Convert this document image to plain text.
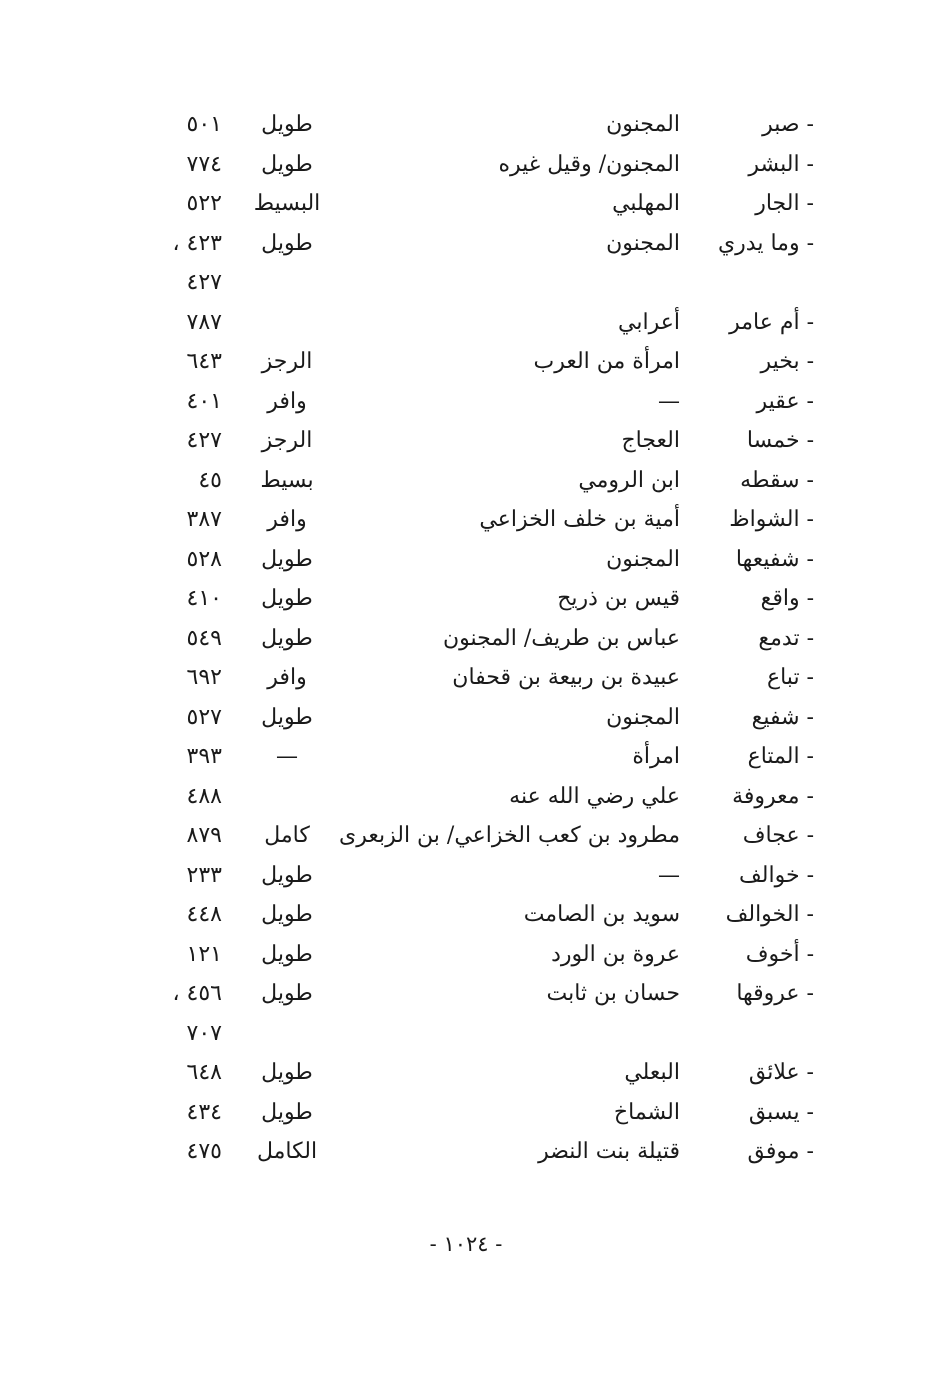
- صبر
المجنون
طويل
٥٠١
- البشر
المجنون/ وقيل غيره
طويل
٧٧٤
- الجار
المهلبي
البسيط
٥٢٢
- وما يدري
المجنون
طويل
٤٢٣ ،
٤٢٧
- أم عامر
أعرابي
٧٨٧
- بخير
امرأة من العرب
الرجز
٦٤٣
- عقير
—
وافر
٤٠١
- خمسا
العجاج
الرجز
٤٢٧
- سقطه
ابن الرومي
بسيط
٤٥
- الشواظ
أمية بن خلف الخزاعي
وافر
٣٨٧
- شفيعها
المجنون
طويل
٥٢٨
- واقع
قيس بن ذريح
طويل
٤١٠
- تدمع
عباس بن طريف/ المجنون
طويل
٥٤٩
- تباع
عبيدة بن ربيعة بن قحفان
وافر
٦٩٢
- شفيع
المجنون
طويل
٥٢٧
- المتاع
امرأة
—
٣٩٣
- معروفة
علي رضي الله عنه
٤٨٨
- عجاف
مطرود بن كعب الخزاعي/ بن الزبعرى
كامل
٨٧٩
- خوالف
—
طويل
٢٣٣
- الخوالف
سويد بن الصامت
طويل
٤٤٨
- أخوف
عروة بن الورد
طويل
١٢١
- عروقها
حسان بن ثابت
طويل
٤٥٦ ،
٧٠٧
- علائق
البعلي
طويل
٦٤٨
- يسبق
الشماخ
طويل
٤٣٤
- موفق
قتيلة بنت النضر
الكامل
٤٧٥
- ١٠٢٤ -
